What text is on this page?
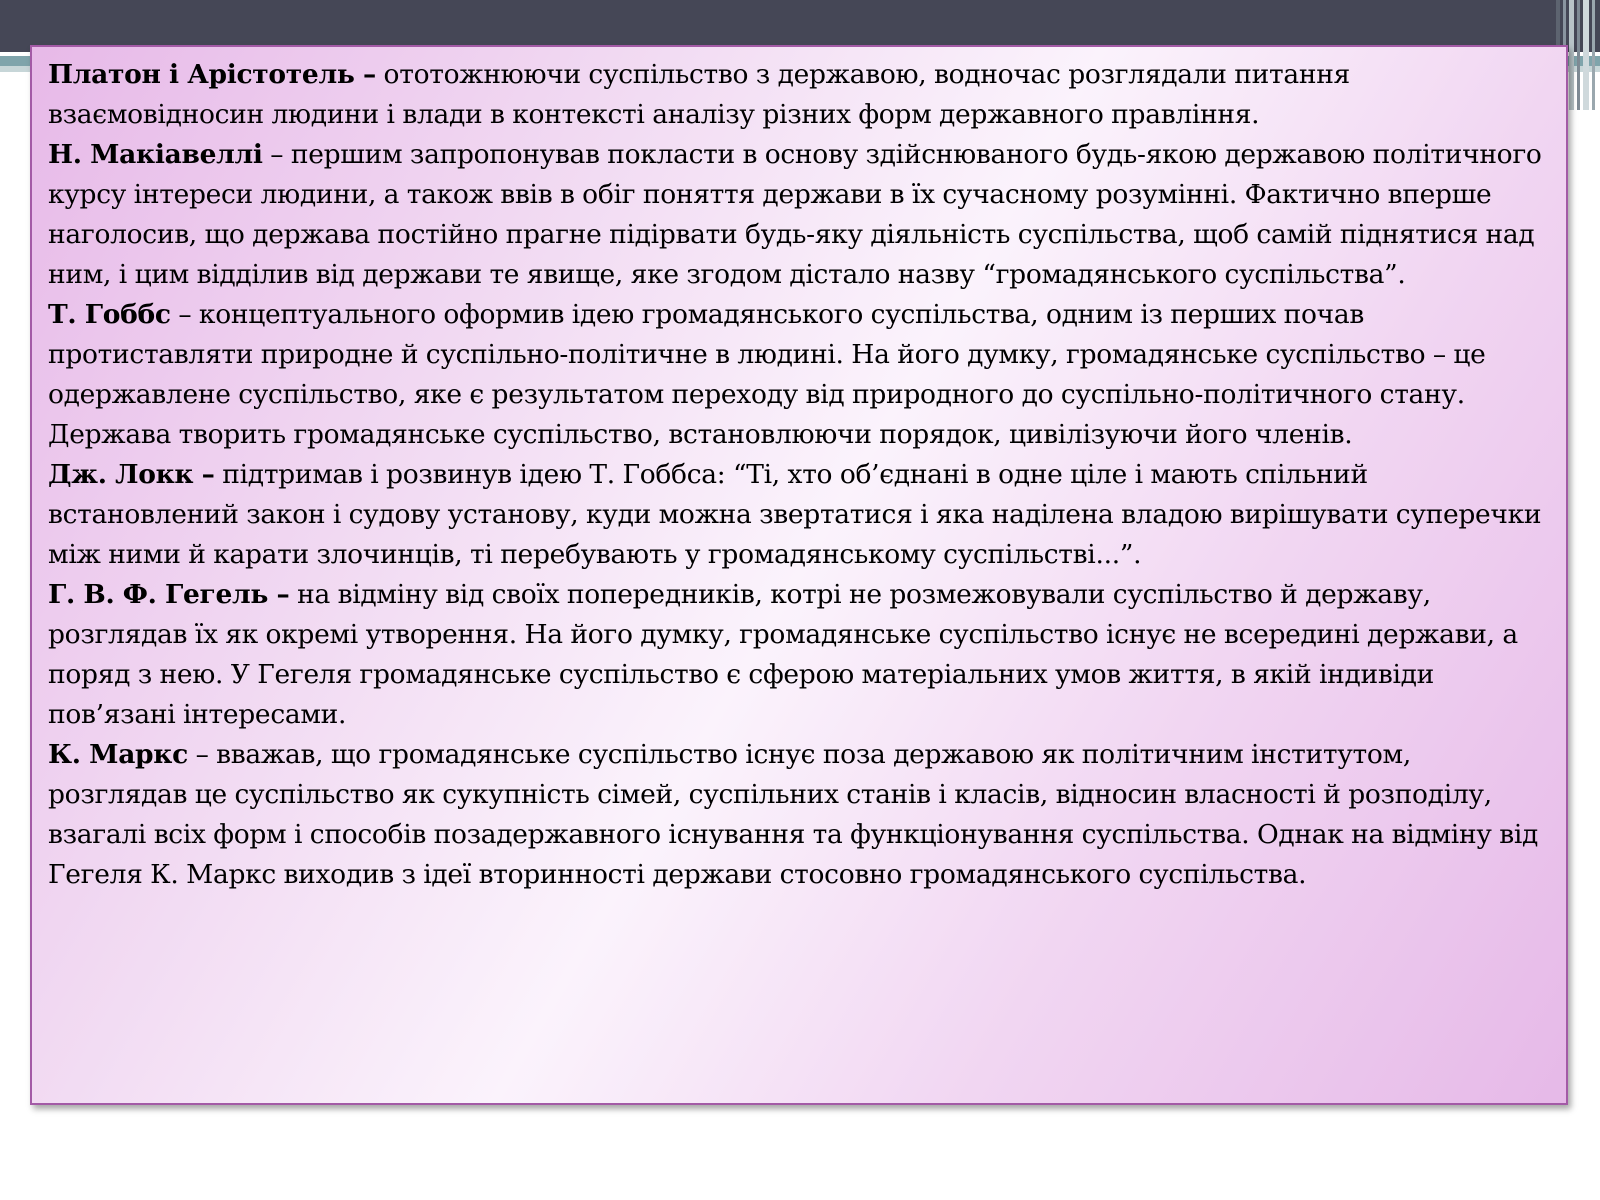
Платон і Арістотель – ототожнюючи суспільство з державою, водночас розглядали питання взаємовідносин людини і влади в контексті аналізу різних форм державного правління.

Н. Макіавеллі – першим запропонував покласти в основу здійснюваного будь-якою державою політичного курсу інтереси людини, а також ввів в обіг поняття держави в їх сучасному розумінні. Фактично вперше наголосив, що держава постійно прагне підірвати будь-яку діяльність суспільства, щоб самій піднятися над ним, і цим відділив від держави те явище, яке згодом дістало назву “громадянського суспільства”.

Т. Гоббс – концептуального оформив ідею громадянського суспільства, одним із перших почав протиставляти природне й суспільно-політичне в людині. На його думку, громадянське суспільство – це одержавлене суспільство, яке є результатом переходу від природного до суспільно-політичного стану. Держава творить громадянське суспільство, встановлюючи порядок, цивілізуючи його членів.

Дж. Локк – підтримав і розвинув ідею Т. Гоббса: “Ті, хто об’єднані в одне ціле і мають спільний встановлений закон і судову установу, куди можна звертатися і яка наділена владою вирішувати суперечки між ними й карати злочинців, ті перебувають у громадянському суспільстві...”.

Г. В. Ф. Гегель – на відміну від своїх попередників, котрі не розмежовували суспільство й державу, розглядав їх як окремі утворення. На його думку, громадянське суспільство існує не всередині держави, а поряд з нею. У Гегеля громадянське суспільство є сферою матеріальних умов життя, в якій індивіди пов’язані інтересами.

К. Маркс – вважав, що громадянське суспільство існує поза державою як політичним інститутом, розглядав це суспільство як сукупність сімей, суспільних станів і класів, відносин власності й розподілу, взагалі всіх форм і способів позадержавного існування та функціонування суспільства. Однак на відміну від Гегеля К. Маркс виходив з ідеї вторинності держави стосовно громадянського суспільства.
